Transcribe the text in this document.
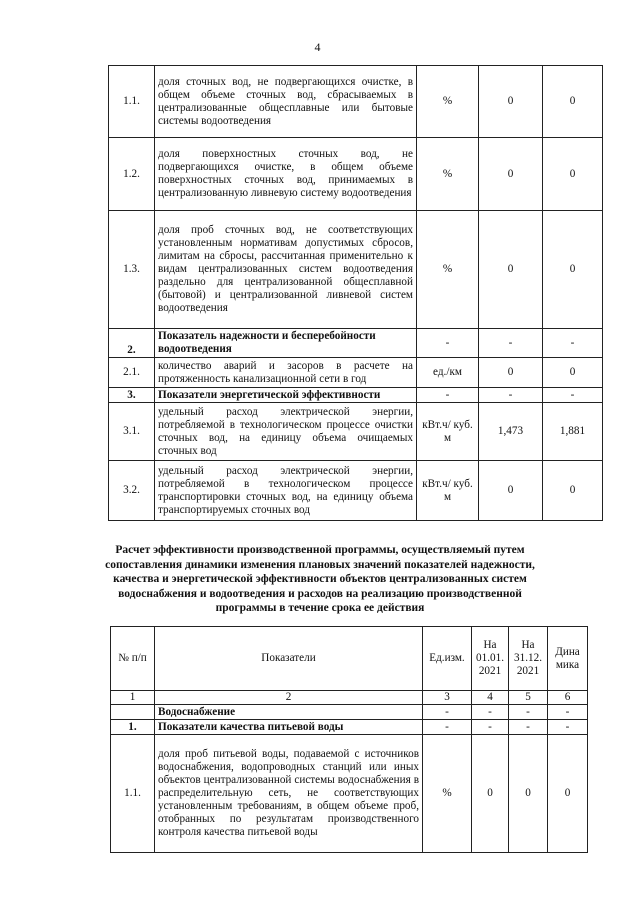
4
1.1.	доля сточных вод, не подвергающихся очистке, в общем объеме сточных вод, сбрасываемых в централизованные общесплавные или бытовые системы водоотведения	%	0	0
1.2.	доля поверхностных сточных вод, не подвергающихся очистке, в общем объеме поверхностных сточных вод, принимаемых в централизованную ливневую систему водоотведения	%	0	0
1.3.	доля проб сточных вод, не соответствующих установленным нормативам допустимых сбросов, лимитам на сбросы, рассчитанная применительно к видам централизованных систем водоотведения раздельно для централизованной общесплавной (бытовой) и централизованной ливневой систем водоотведения	%	0	0
2.	Показатель надежности и бесперебойности водоотведения	-	-	-
2.1.	количество аварий и засоров в расчете на протяженность канализационной сети в год	ед./км	0	0
3.	Показатели энергетической эффективности	-	-	-
3.1.	удельный расход электрической энергии, потребляемой в технологическом процессе очистки сточных вод, на единицу объема очищаемых сточных вод	кВт.ч/ куб. м	1,473	1,881
3.2.	удельный расход электрической энергии, потребляемой в технологическом процессе транспортировки сточных вод, на единицу объема транспортируемых сточных вод	кВт.ч/ куб. м	0	0
Расчет эффективности производственной программы, осуществляемый путем сопоставления динамики изменения плановых значений показателей надежности, качества и энергетической эффективности объектов централизованных систем водоснабжения и водоотведения и расходов на реализацию производственной программы в течение срока ее действия
№ п/п	Показатели	Ед.изм.	На 01.01. 2021	На 31.12. 2021	Дина мика
1	2	3	4	5	6
	Водоснабжение	-	-	-	-
1.	Показатели качества питьевой воды	-	-	-	-
1.1.	доля проб питьевой воды, подаваемой с источников водоснабжения, водопроводных станций или иных объектов централизованной системы водоснабжения в распределительную сеть, не соответствующих установленным требованиям, в общем объеме проб, отобранных по результатам производственного контроля качества питьевой воды	%	0	0	0
